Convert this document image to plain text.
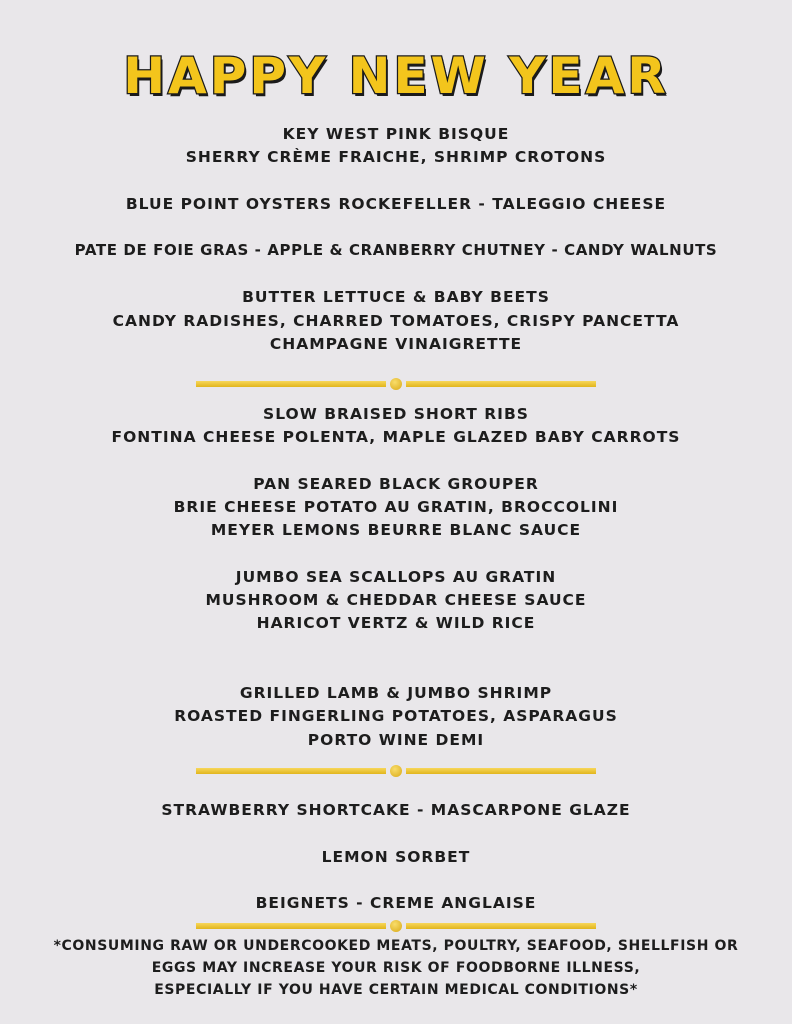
HAPPY NEW YEAR
KEY WEST PINK BISQUE
SHERRY CRÈME FRAICHE, SHRIMP CROTONS
BLUE POINT OYSTERS ROCKEFELLER - TALEGGIO CHEESE
PATE DE FOIE GRAS - APPLE & CRANBERRY CHUTNEY - CANDY WALNUTS
BUTTER LETTUCE & BABY BEETS
CANDY RADISHES, CHARRED TOMATOES, CRISPY PANCETTA
CHAMPAGNE VINAIGRETTE
SLOW BRAISED SHORT RIBS
FONTINA CHEESE POLENTA, MAPLE GLAZED BABY CARROTS
PAN SEARED BLACK GROUPER
BRIE CHEESE POTATO AU GRATIN, BROCCOLINI
MEYER LEMONS BEURRE BLANC SAUCE
JUMBO SEA SCALLOPS AU GRATIN
MUSHROOM & CHEDDAR CHEESE SAUCE
HARICOT VERTZ & WILD RICE
GRILLED LAMB & JUMBO SHRIMP
ROASTED FINGERLING POTATOES, ASPARAGUS
PORTO WINE DEMI
STRAWBERRY SHORTCAKE - MASCARPONE GLAZE
LEMON SORBET
BEIGNETS - CREME ANGLAISE
*CONSUMING RAW OR UNDERCOOKED MEATS, POULTRY, SEAFOOD, SHELLFISH OR
EGGS MAY INCREASE YOUR RISK OF FOODBORNE ILLNESS,
ESPECIALLY IF YOU HAVE CERTAIN MEDICAL CONDITIONS*
